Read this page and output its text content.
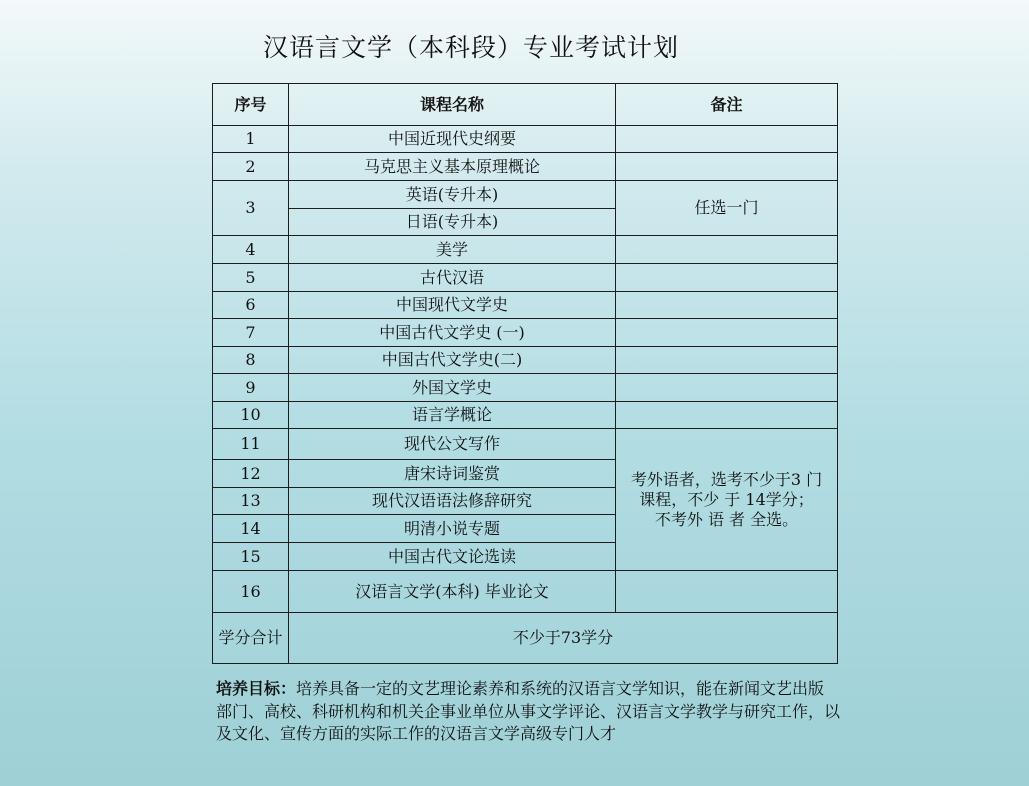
汉语言文学（本科段）专业考试计划
序号	课程名称	备注
1	中国近现代史纲要	
2	马克思主义基本原理概论	
3	英语(专升本)	任选一门
	日语(专升本)	
4	美学	
5	古代汉语	
6	中国现代文学史	
7	中国古代文学史 (一)	
8	中国古代文学史(二)	
9	外国文学史	
10	语言学概论	
11	现代公文写作	考外语者，选考不少于3 门
课程，不少 于 14学分；
不考外 语 者 全选。

12	唐宋诗词鉴赏	
13	现代汉语语法修辞研究	
14	明清小说专题	
15	中国古代文论选读	
16	汉语言文学(本科) 毕业论文	
学分合计	不少于73学分	
培养目标：培养具备一定的文艺理论素养和系统的汉语言文学知识，能在新闻文艺出版部门、高校、科研机构和机关企事业单位从事文学评论、汉语言文学教学与研究工作，以及文化、宣传方面的实际工作的汉语言文学高级专门人才
